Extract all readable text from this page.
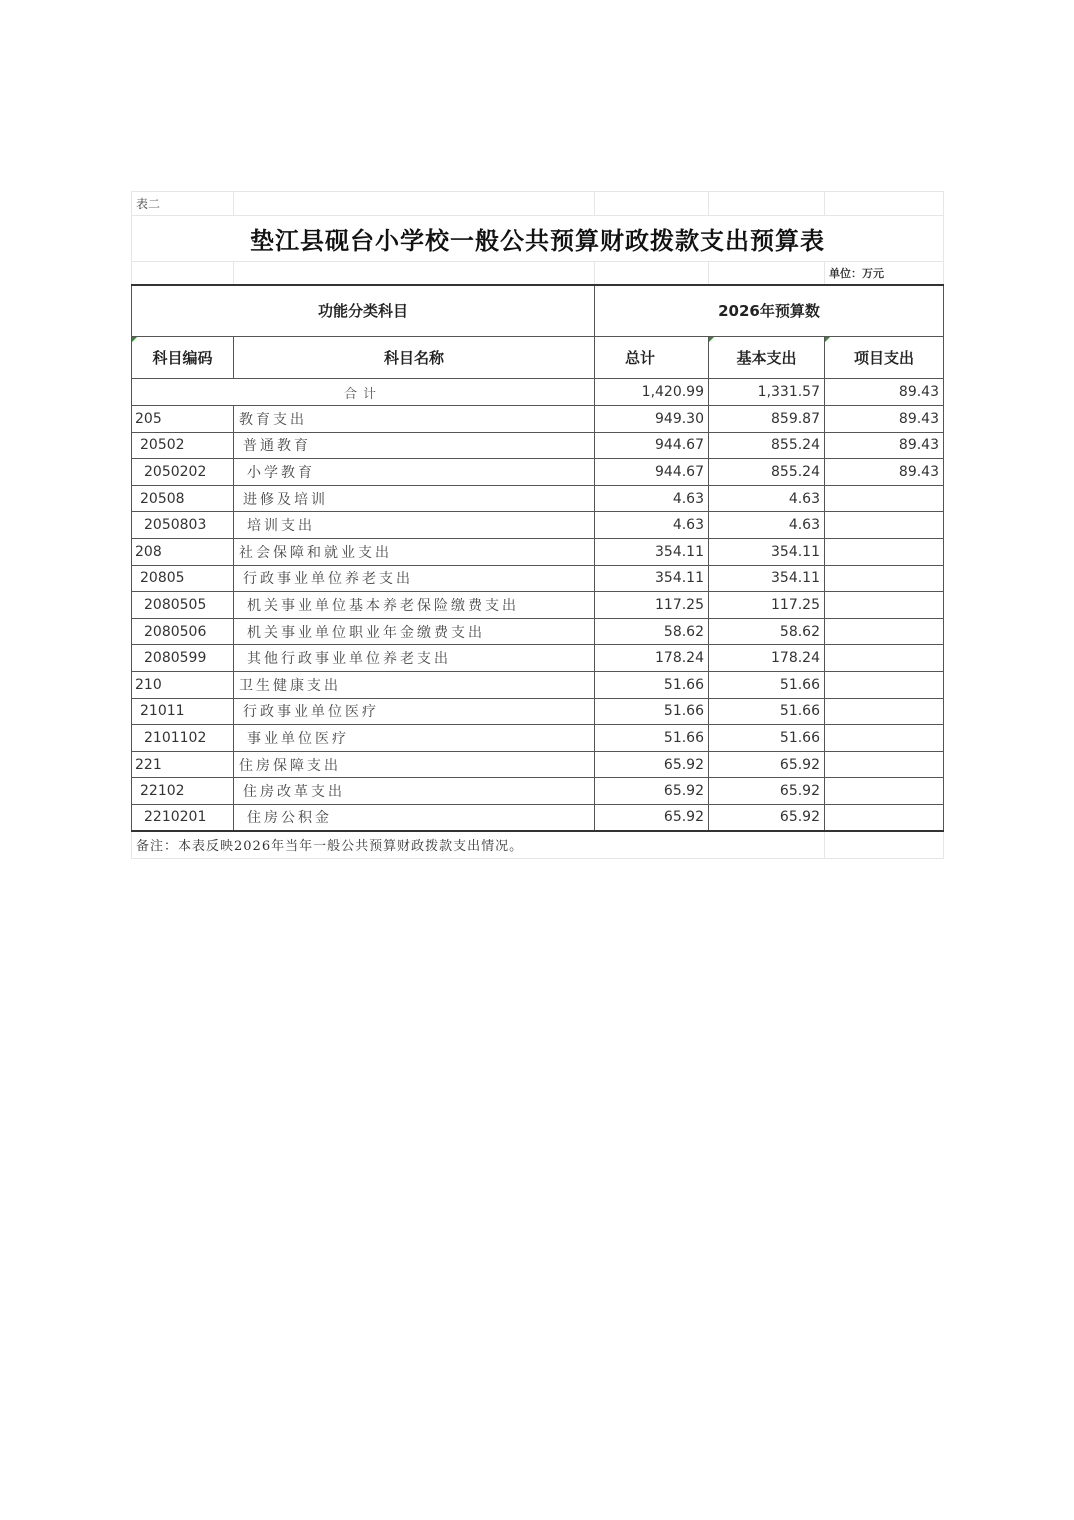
表二				
垫江县砚台小学校一般公共预算财政拨款支出预算表				
				单位：万元
功能分类科目		2026年预算数		
科目编码	科目名称	总计	基本支出	项目支出
合计		1,420.99	1,331.57	89.43
205	教育支出	949.30	859.87	89.43
20502	普通教育	944.67	855.24	89.43
2050202	小学教育	944.67	855.24	89.43
20508	进修及培训	4.63	4.63	
2050803	培训支出	4.63	4.63	
208	社会保障和就业支出	354.11	354.11	
20805	行政事业单位养老支出	354.11	354.11	
2080505	机关事业单位基本养老保险缴费支出	117.25	117.25	
2080506	机关事业单位职业年金缴费支出	58.62	58.62	
2080599	其他行政事业单位养老支出	178.24	178.24	
210	卫生健康支出	51.66	51.66	
21011	行政事业单位医疗	51.66	51.66	
2101102	事业单位医疗	51.66	51.66	
221	住房保障支出	65.92	65.92	
22102	住房改革支出	65.92	65.92	
2210201	住房公积金	65.92	65.92	
备注：本表反映2026年当年一般公共预算财政拨款支出情况。				
